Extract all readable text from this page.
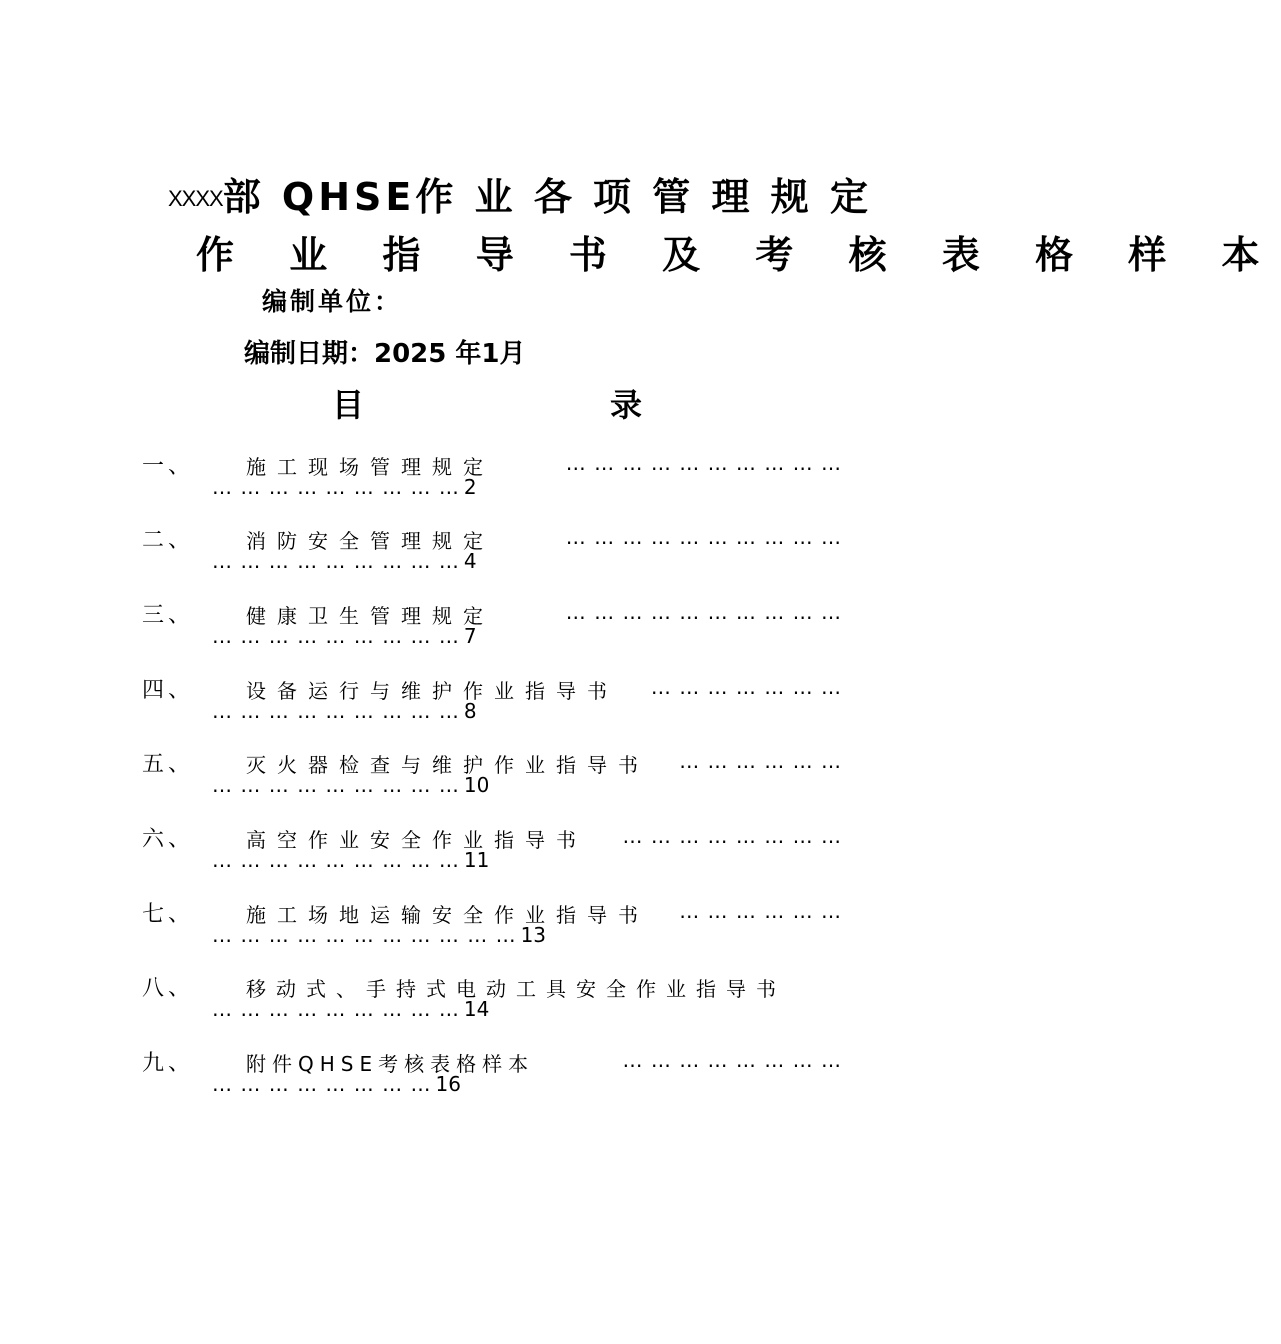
XXXX部 QHSE作 业 各 项 管 理 规 定
作 业 指 导 书 及 考 核 表 格 样 本
编制单位：
编制日期：2025 年1月
目	录
一、	施工现场管理规定	… … … … … … … … … …
… … … … … … … … … 2
二、	消防安全管理规定	… … … … … … … … … …
… … … … … … … … … 4
三、	健康卫生管理规定	… … … … … … … … … …
… … … … … … … … … 7
四、	设备运行与维护作业指导书 … … … … … … …
… … … … … … … … … 8
五、	灭火器检查与维护作业指导书 … … … … … …
… … … … … … … … … 10
六、	高空作业安全作业指导书 … … … … … … … …
… … … … … … … … … 11
七、	施工场地运输安全作业指导书 … … … … … …
… … … … … … … … … … … 13
八、	移动式、手持式电动工具安全作业指导书
… … … … … … … … … 14
九、	附件QHSE考核表格样本	… … … … … … … …
… … … … … … … … 16
